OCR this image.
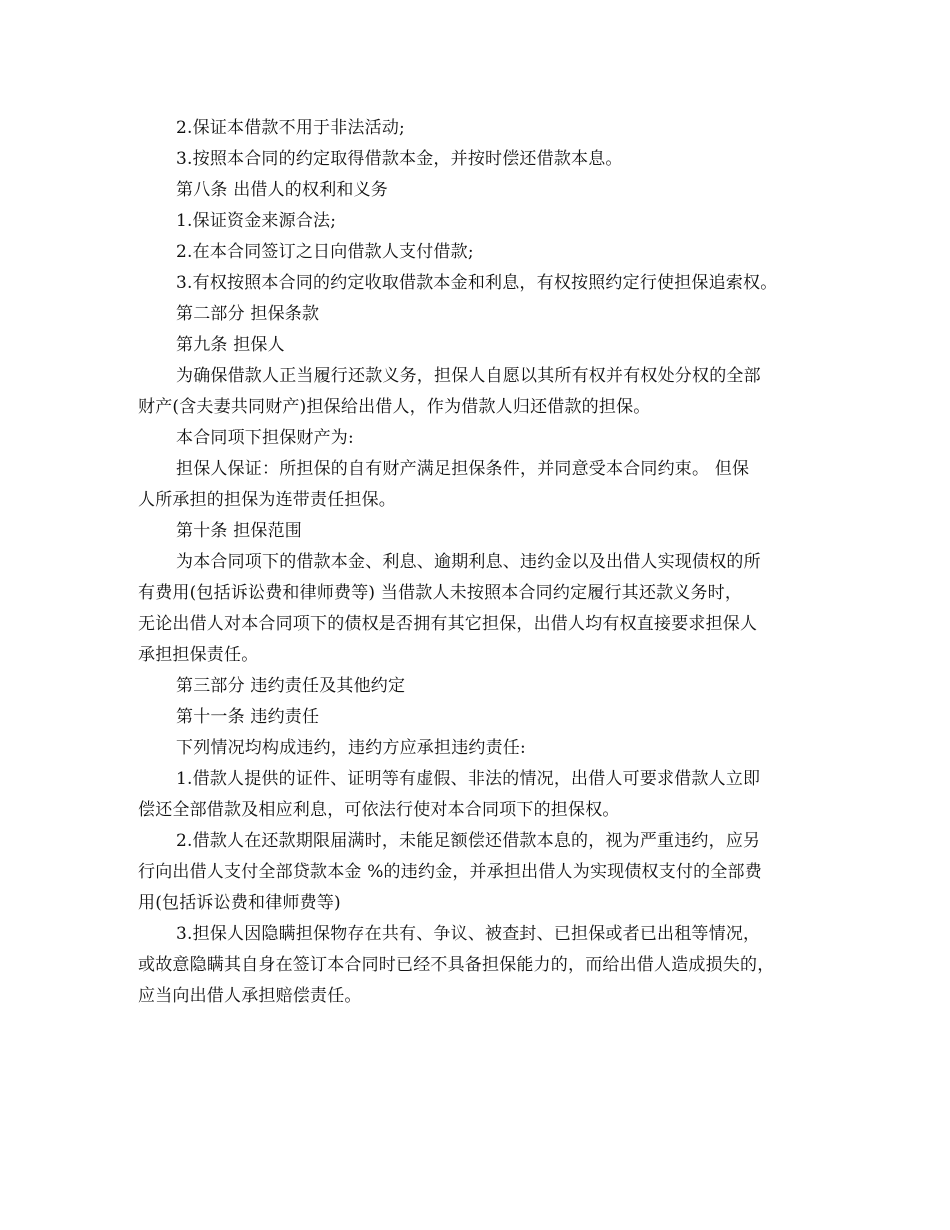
2.保证本借款不用于非法活动;
3.按照本合同的约定取得借款本金，并按时偿还借款本息。
第八条 出借人的权利和义务
1.保证资金来源合法;
2.在本合同签订之日向借款人支付借款;
3.有权按照本合同的约定收取借款本金和利息，有权按照约定行使担保追索权。
第二部分 担保条款
第九条 担保人
为确保借款人正当履行还款义务，担保人自愿以其所有权并有权处分权的全部
财产(含夫妻共同财产)担保给出借人，作为借款人归还借款的担保。
本合同项下担保财产为:
担保人保证：所担保的自有财产满足担保条件，并同意受本合同约束。 但保
人所承担的担保为连带责任担保。
第十条 担保范围
为本合同项下的借款本金、利息、逾期利息、违约金以及出借人实现债权的所
有费用(包括诉讼费和律师费等) 当借款人未按照本合同约定履行其还款义务时，
无论出借人对本合同项下的债权是否拥有其它担保，出借人均有权直接要求担保人
承担担保责任。
第三部分 违约责任及其他约定
第十一条 违约责任
下列情况均构成违约，违约方应承担违约责任:
1.借款人提供的证件、证明等有虚假、非法的情况，出借人可要求借款人立即
偿还全部借款及相应利息，可依法行使对本合同项下的担保权。
2.借款人在还款期限届满时，未能足额偿还借款本息的，视为严重违约，应另
行向出借人支付全部贷款本金 %的违约金，并承担出借人为实现债权支付的全部费
用(包括诉讼费和律师费等)
3.担保人因隐瞒担保物存在共有、争议、被查封、已担保或者已出租等情况，
或故意隐瞒其自身在签订本合同时已经不具备担保能力的，而给出借人造成损失的，
应当向出借人承担赔偿责任。
